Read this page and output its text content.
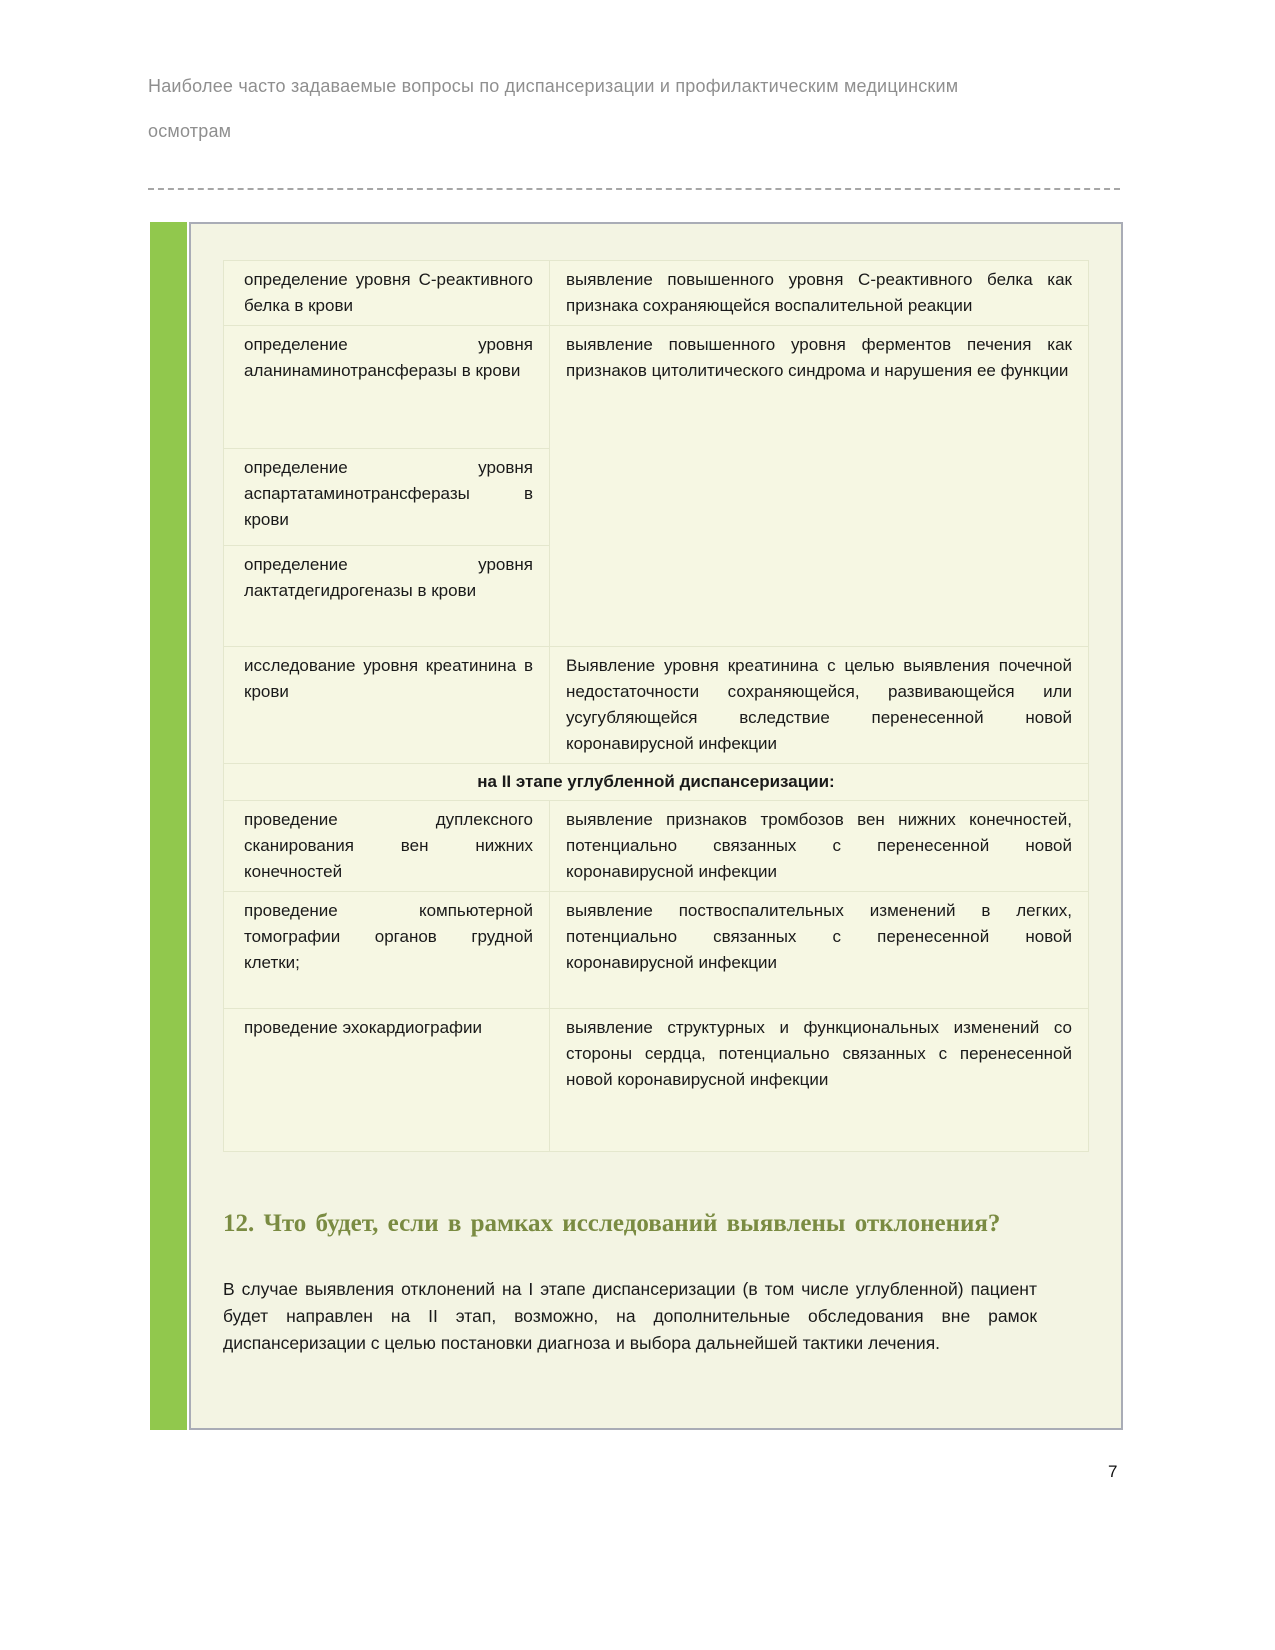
Наиболее часто задаваемые вопросы по диспансеризации и профилактическим медицинским осмотрам
определение уровня С-реактивного белка в крови	выявление повышенного уровня С-реактивного белка как признака сохраняющейся воспалительной реакции
определение уровня аланинаминотрансферазы в крови	выявление повышенного уровня ферментов печения как признаков цитолитического синдрома и нарушения ее функции
определение уровня аспартатаминотрансферазы в крови	
определение уровня лактатдегидрогеназы в крови	
исследование уровня креатинина в крови	Выявление уровня креатинина с целью выявления почечной недостаточности сохраняющейся, развивающейся или усугубляющейся вследствие перенесенной новой коронавирусной инфекции
на II этапе углубленной диспансеризации:	
проведение дуплексного сканирования вен нижних конечностей	выявление признаков тромбозов вен нижних конечностей, потенциально связанных с перенесенной новой коронавирусной инфекции
проведение компьютерной томографии органов грудной клетки;	выявление поствоспалительных изменений в легких, потенциально связанных с перенесенной новой коронавирусной инфекции
проведение эхокардиографии	выявление структурных и функциональных изменений со стороны сердца, потенциально связанных с перенесенной новой коронавирусной инфекции
12. Что будет, если в рамках исследований выявлены отклонения?
В случае выявления отклонений на I этапе диспансеризации (в том числе углубленной) пациент будет направлен на II этап, возможно, на дополнительные обследования вне рамок диспансеризации с целью постановки диагноза и выбора дальнейшей тактики лечения.
7
